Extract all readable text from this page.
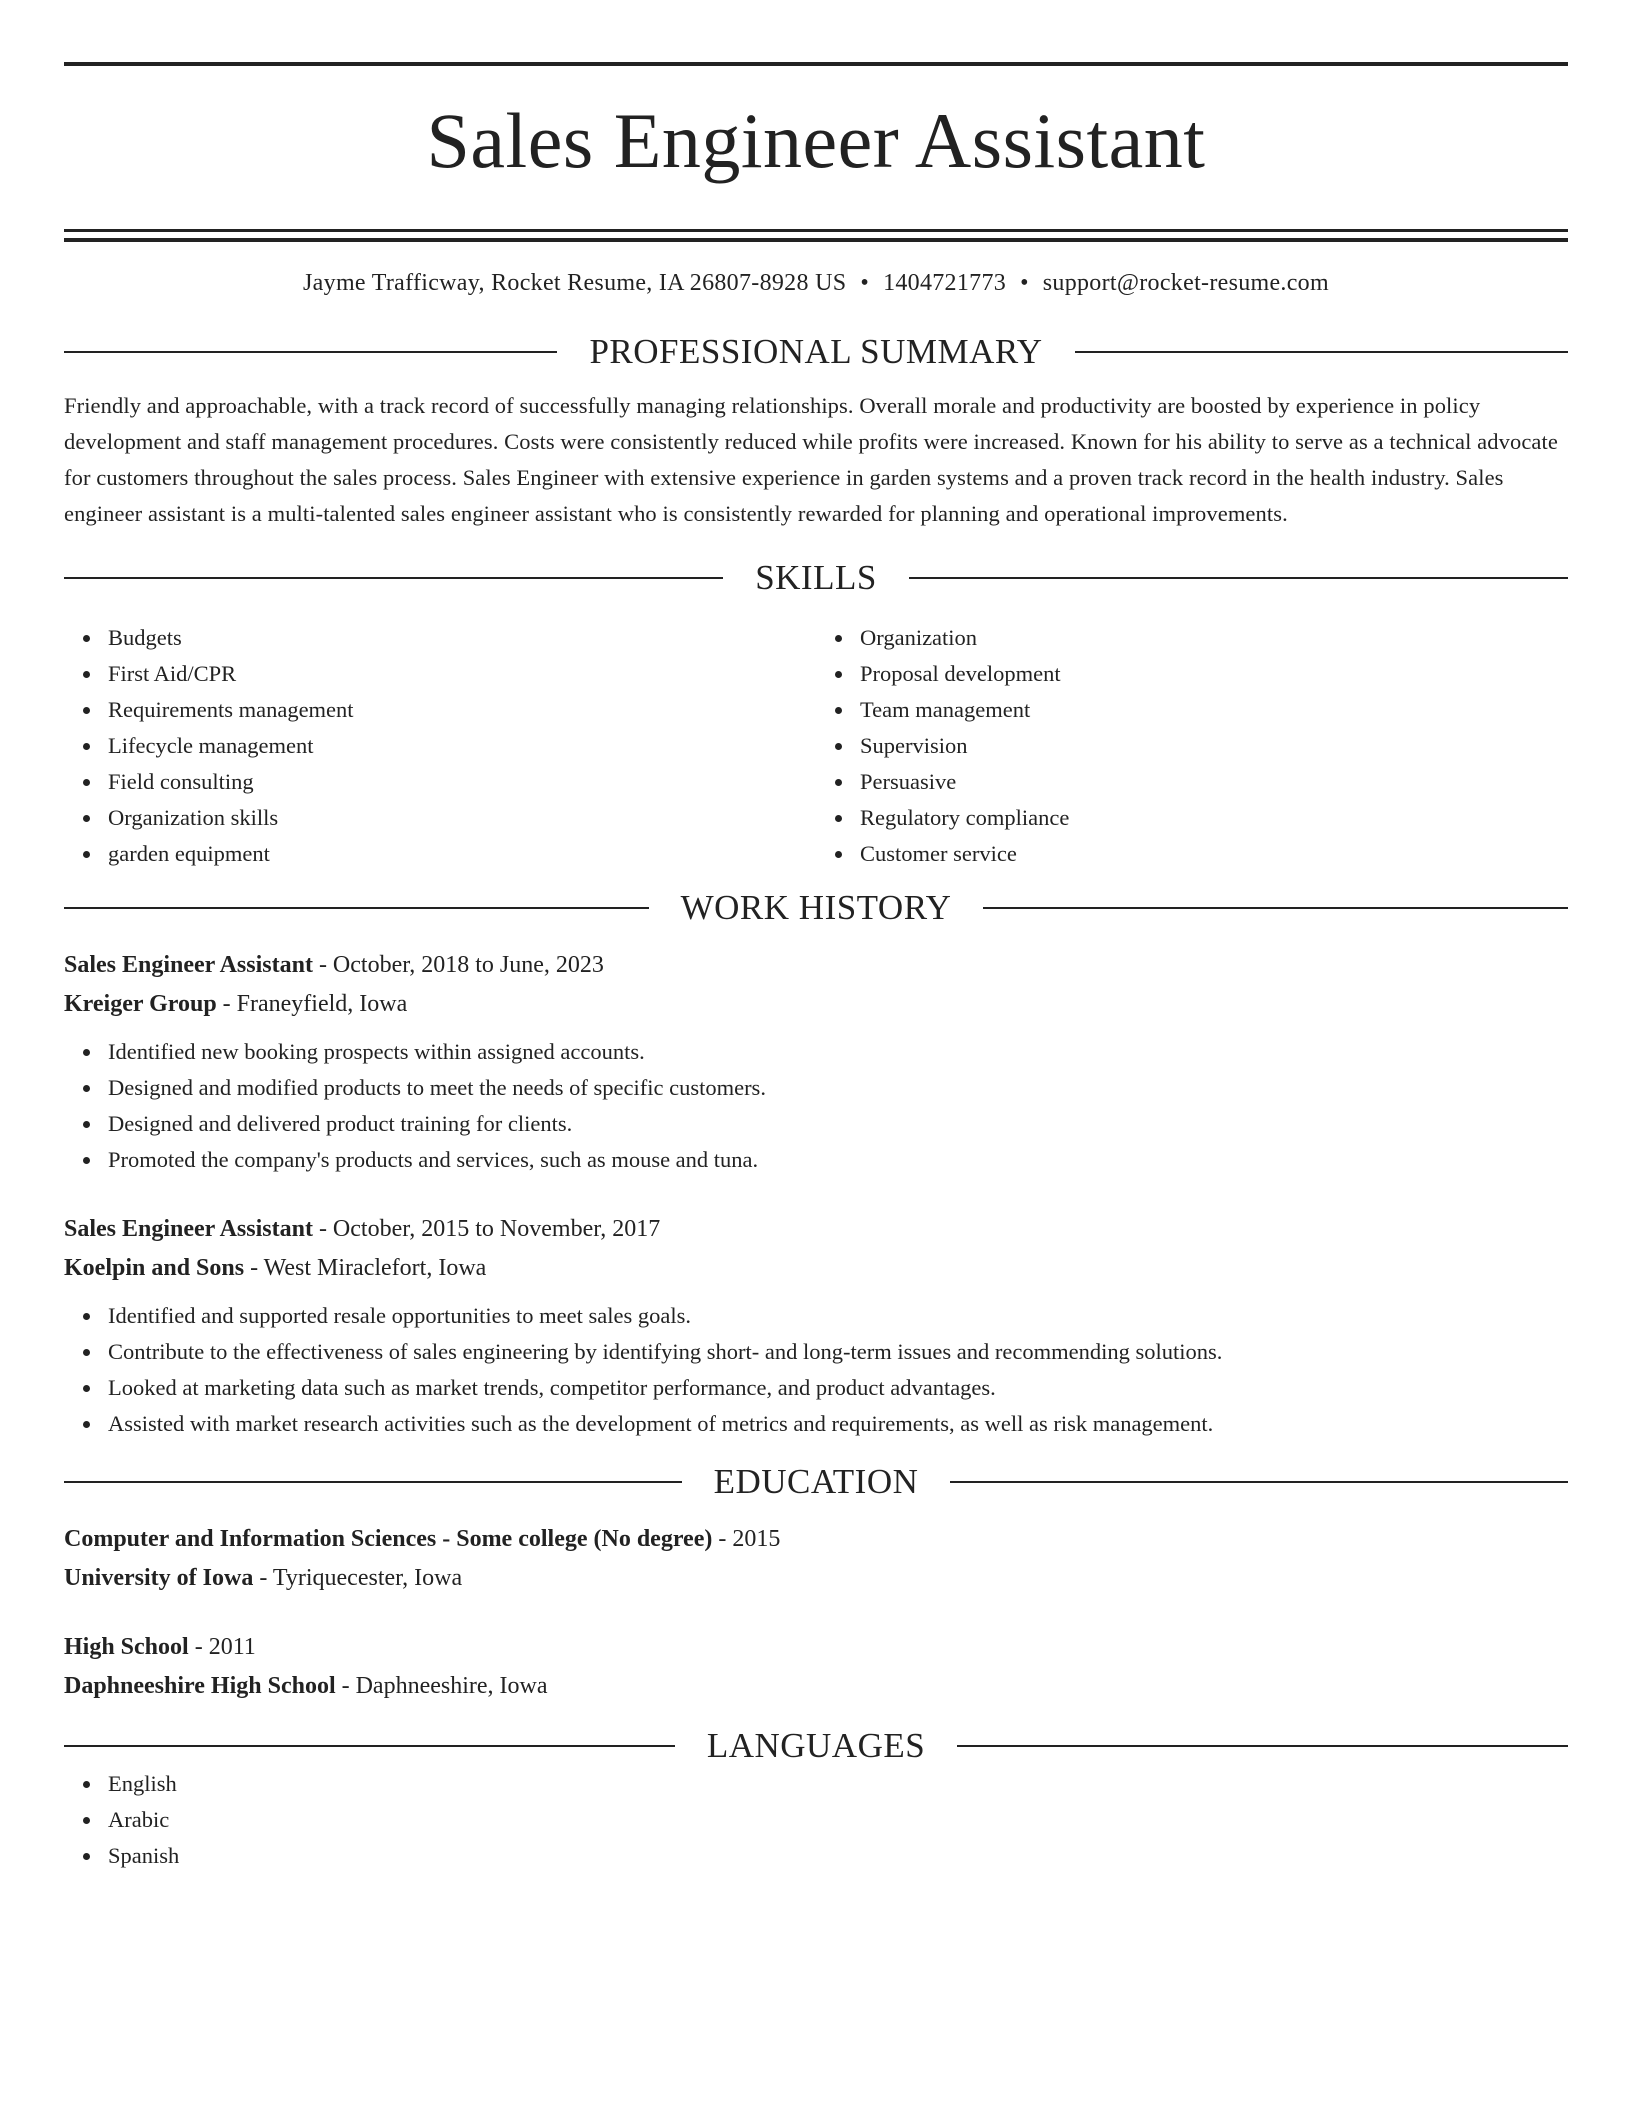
Sales Engineer Assistant
Jayme Trafficway, Rocket Resume, IA 26807-8928 US • 1404721773 • support@rocket-resume.com
PROFESSIONAL SUMMARY

Friendly and approachable, with a track record of successfully managing relationships. Overall morale and productivity are boosted by experience in policy development and staff management procedures. Costs were consistently reduced while profits were increased. Known for his ability to serve as a technical advocate for customers throughout the sales process. Sales Engineer with extensive experience in garden systems and a proven track record in the health industry. Sales engineer assistant is a multi-talented sales engineer assistant who is consistently rewarded for planning and operational improvements.

SKILLS
Budgets
First Aid/CPR
Requirements management
Lifecycle management
Field consulting
Organization skills
garden equipment
Organization
Proposal development
Team management
Supervision
Persuasive
Regulatory compliance
Customer service
WORK HISTORY
Sales Engineer Assistant - October, 2018 to June, 2023
Kreiger Group - Franeyfield, Iowa
Identified new booking prospects within assigned accounts.
Designed and modified products to meet the needs of specific customers.
Designed and delivered product training for clients.
Promoted the company's products and services, such as mouse and tuna.
Sales Engineer Assistant - October, 2015 to November, 2017
Koelpin and Sons - West Miraclefort, Iowa
Identified and supported resale opportunities to meet sales goals.
Contribute to the effectiveness of sales engineering by identifying short- and long-term issues and recommending solutions.
Looked at marketing data such as market trends, competitor performance, and product advantages.
Assisted with market research activities such as the development of metrics and requirements, as well as risk management.
EDUCATION
Computer and Information Sciences - Some college (No degree) - 2015
University of Iowa - Tyriquecester, Iowa
High School - 2011
Daphneeshire High School - Daphneeshire, Iowa
LANGUAGES
English
Arabic
Spanish
